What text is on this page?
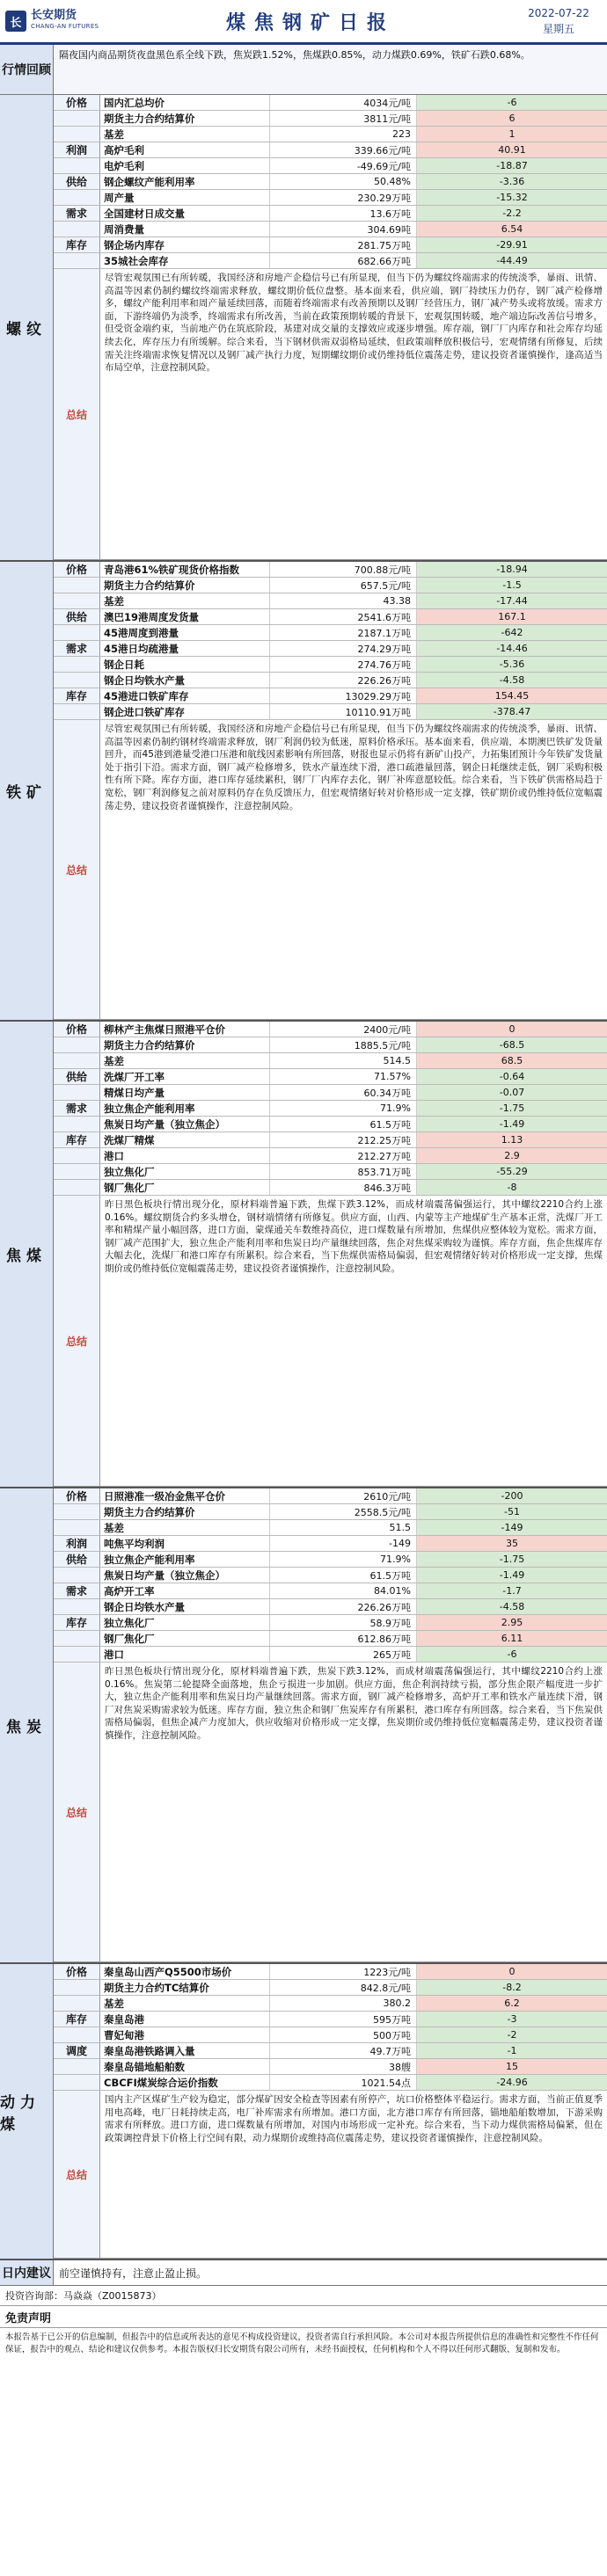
长
长安期货
CHANG-AN FUTURES	煤焦钢矿日报	2022-07-22
星期五
行情回顾
隔夜国内商品期货夜盘黑色系全线下跌，焦炭跌1.52%，焦煤跌0.85%，动力煤跌0.69%，铁矿石跌0.68%。
螺纹
价格	国内汇总均价	4034元/吨	-6
期货主力合约结算价	3811元/吨	6
基差	223	1
利润	高炉毛利	339.66元/吨	40.91
电炉毛利	-49.69元/吨	-18.87
供给	钢企螺纹产能利用率	50.48%	-3.36
周产量	230.29万吨	-15.32
需求	全国建材日成交量	13.6万吨	-2.2
周消费量	304.69吨	6.54
库存	钢企场内库存	281.75万吨	-29.91
35城社会库存	682.66万吨	-44.49
总结
尽管宏观氛围已有所转暖，我国经济和房地产企稳信号已有所显现，但当下仍为螺纹终端需求的传统淡季，暴雨、讯情、高温等因素仍制约螺纹终端需求释放，螺纹期价低位盘整。基本面来看，供应端，钢厂持续压力仍存，钢厂减产检修增多，螺纹产能利用率和周产量延续回落，而随着终端需求有改善预期以及钢厂经营压力，钢厂减产势头或将放缓。需求方面，下游终端仍为淡季，终端需求有所改善，当前在政策预期转暖的背景下，宏观氛围转暖，地产端边际改善信号增多，但受资金端约束，当前地产仍在筑底阶段，基建对成交量的支撑效应或逐步增强。库存端，钢厂厂内库存和社会库存均延续去化，库存压力有所缓解。综合来看，当下钢材供需双弱格局延续，但政策端释放积极信号，宏观情绪有所修复，后续需关注终端需求恢复情况以及钢厂减产执行力度，短期螺纹期价或仍维持低位震荡走势，建议投资者谨慎操作，逢高适当布局空单，注意控制风险。
铁矿
价格	青岛港61%铁矿现货价格指数	700.88元/吨	-18.94
期货主力合约结算价	657.5元/吨	-1.5
基差	43.38	-17.44
供给	澳巴19港周度发货量	2541.6万吨	167.1
45港周度到港量	2187.1万吨	-642
需求	45港日均疏港量	274.29万吨	-14.46
钢企日耗	274.76万吨	-5.36
钢企日均铁水产量	226.26万吨	-4.58
库存	45港进口铁矿库存	13029.29万吨	154.45
钢企进口铁矿库存	10110.91万吨	-378.47
总结
尽管宏观氛围已有所转暖，我国经济和房地产企稳信号已有所显现，但当下仍为螺纹终端需求的传统淡季，暴雨、讯情、高温等因素仍制约钢材终端需求释放，钢厂利润仍较为低迷，原料价格承压。基本面来看，供应端，本期澳巴铁矿发货量回升，而45港到港量受港口压港和航线因素影响有所回落，财报也显示仍将有新矿山投产，力拓集团预计今年铁矿发货量处于指引下沿。需求方面，钢厂减产检修增多，铁水产量连续下滑，港口疏港量回落，钢企日耗继续走低，钢厂采购积极性有所下降。库存方面，港口库存延续累积，钢厂厂内库存去化，钢厂补库意愿较低。综合来看，当下铁矿供需格局趋于宽松，钢厂利润修复之前对原料仍存在负反馈压力，但宏观情绪好转对价格形成一定支撑，铁矿期价或仍维持低位宽幅震荡走势，建议投资者谨慎操作，注意控制风险。
焦煤
价格	柳林产主焦煤日照港平仓价	2400元/吨	0
期货主力合约结算价	1885.5元/吨	-68.5
基差	514.5	68.5
供给	洗煤厂开工率	71.57%	-0.64
精煤日均产量	60.34万吨	-0.07
需求	独立焦企产能利用率	71.9%	-1.75
焦炭日均产量（独立焦企）	61.5万吨	-1.49
库存	洗煤厂精煤	212.25万吨	1.13
港口	212.27万吨	2.9
独立焦化厂	853.71万吨	-55.29
钢厂焦化厂	846.3万吨	-8
总结
昨日黑色板块行情出现分化，原材料端普遍下跌，焦煤下跌3.12%，而成材端震荡偏强运行，其中螺纹2210合约上涨0.16%。螺纹期货合约多头增仓，钢材端情绪有所修复。供应方面，山西、内蒙等主产地煤矿生产基本正常，洗煤厂开工率和精煤产量小幅回落，进口方面，蒙煤通关车数维持高位，进口煤数量有所增加，焦煤供应整体较为宽松。需求方面，钢厂减产范围扩大，独立焦企产能利用率和焦炭日均产量继续回落，焦企对焦煤采购较为谨慎。库存方面，焦企焦煤库存大幅去化，洗煤厂和港口库存有所累积。综合来看，当下焦煤供需格局偏弱，但宏观情绪好转对价格形成一定支撑，焦煤期价或仍维持低位宽幅震荡走势，建议投资者谨慎操作，注意控制风险。
焦炭
价格	日照港准一级冶金焦平仓价	2610元/吨	-200
期货主力合约结算价	2558.5元/吨	-51
基差	51.5	-149
利润	吨焦平均利润	-149	35
供给	独立焦企产能利用率	71.9%	-1.75
焦炭日均产量（独立焦企）	61.5万吨	-1.49
需求	高炉开工率	84.01%	-1.7
钢企日均铁水产量	226.26万吨	-4.58
库存	独立焦化厂	58.9万吨	2.95
钢厂焦化厂	612.86万吨	6.11
港口	265万吨	-6
总结
昨日黑色板块行情出现分化，原材料端普遍下跌，焦炭下跌3.12%，而成材端震荡偏强运行，其中螺纹2210合约上涨0.16%。焦炭第二轮提降全面落地，焦企亏损进一步加剧。供应方面，焦企利润持续亏损，部分焦企限产幅度进一步扩大，独立焦企产能利用率和焦炭日均产量继续回落。需求方面，钢厂减产检修增多，高炉开工率和铁水产量连续下滑，钢厂对焦炭采购需求较为低迷。库存方面，独立焦企和钢厂焦炭库存有所累积，港口库存有所回落。综合来看，当下焦炭供需格局偏弱，但焦企减产力度加大，供应收缩对价格形成一定支撑，焦炭期价或仍维持低位宽幅震荡走势，建议投资者谨慎操作，注意控制风险。
动力煤
价格	秦皇岛山西产Q5500市场价	1223元/吨	0
期货主力合约TC结算价	842.8元/吨	-8.2
基差	380.2	6.2
库存	秦皇岛港	595万吨	-3
曹妃甸港	500万吨	-2
调度	秦皇岛港铁路调入量	49.7万吨	-1
秦皇岛锚地船舶数	38艘	15
CBCFI煤炭综合运价指数	1021.54点	-24.96
总结
国内主产区煤矿生产较为稳定，部分煤矿因安全检查等因素有所停产，坑口价格整体平稳运行。需求方面，当前正值夏季用电高峰，电厂日耗持续走高，电厂补库需求有所增加。港口方面，北方港口库存有所回落，锚地船舶数增加，下游采购需求有所释放。进口方面，进口煤数量有所增加，对国内市场形成一定补充。综合来看，当下动力煤供需格局偏紧，但在政策调控背景下价格上行空间有限，动力煤期价或维持高位震荡走势，建议投资者谨慎操作，注意控制风险。
日内建议 前空谨慎持有，注意止盈止损。
投资咨询部：马焱焱（Z0015873）
免责声明
本报告基于已公开的信息编制，但报告中的信息或所表达的意见不构成投资建议，投资者需自行承担风险。本公司对本报告所提供信息的准确性和完整性不作任何保证，报告中的观点、结论和建议仅供参考。本报告版权归长安期货有限公司所有，未经书面授权，任何机构和个人不得以任何形式翻版、复制和发布。
